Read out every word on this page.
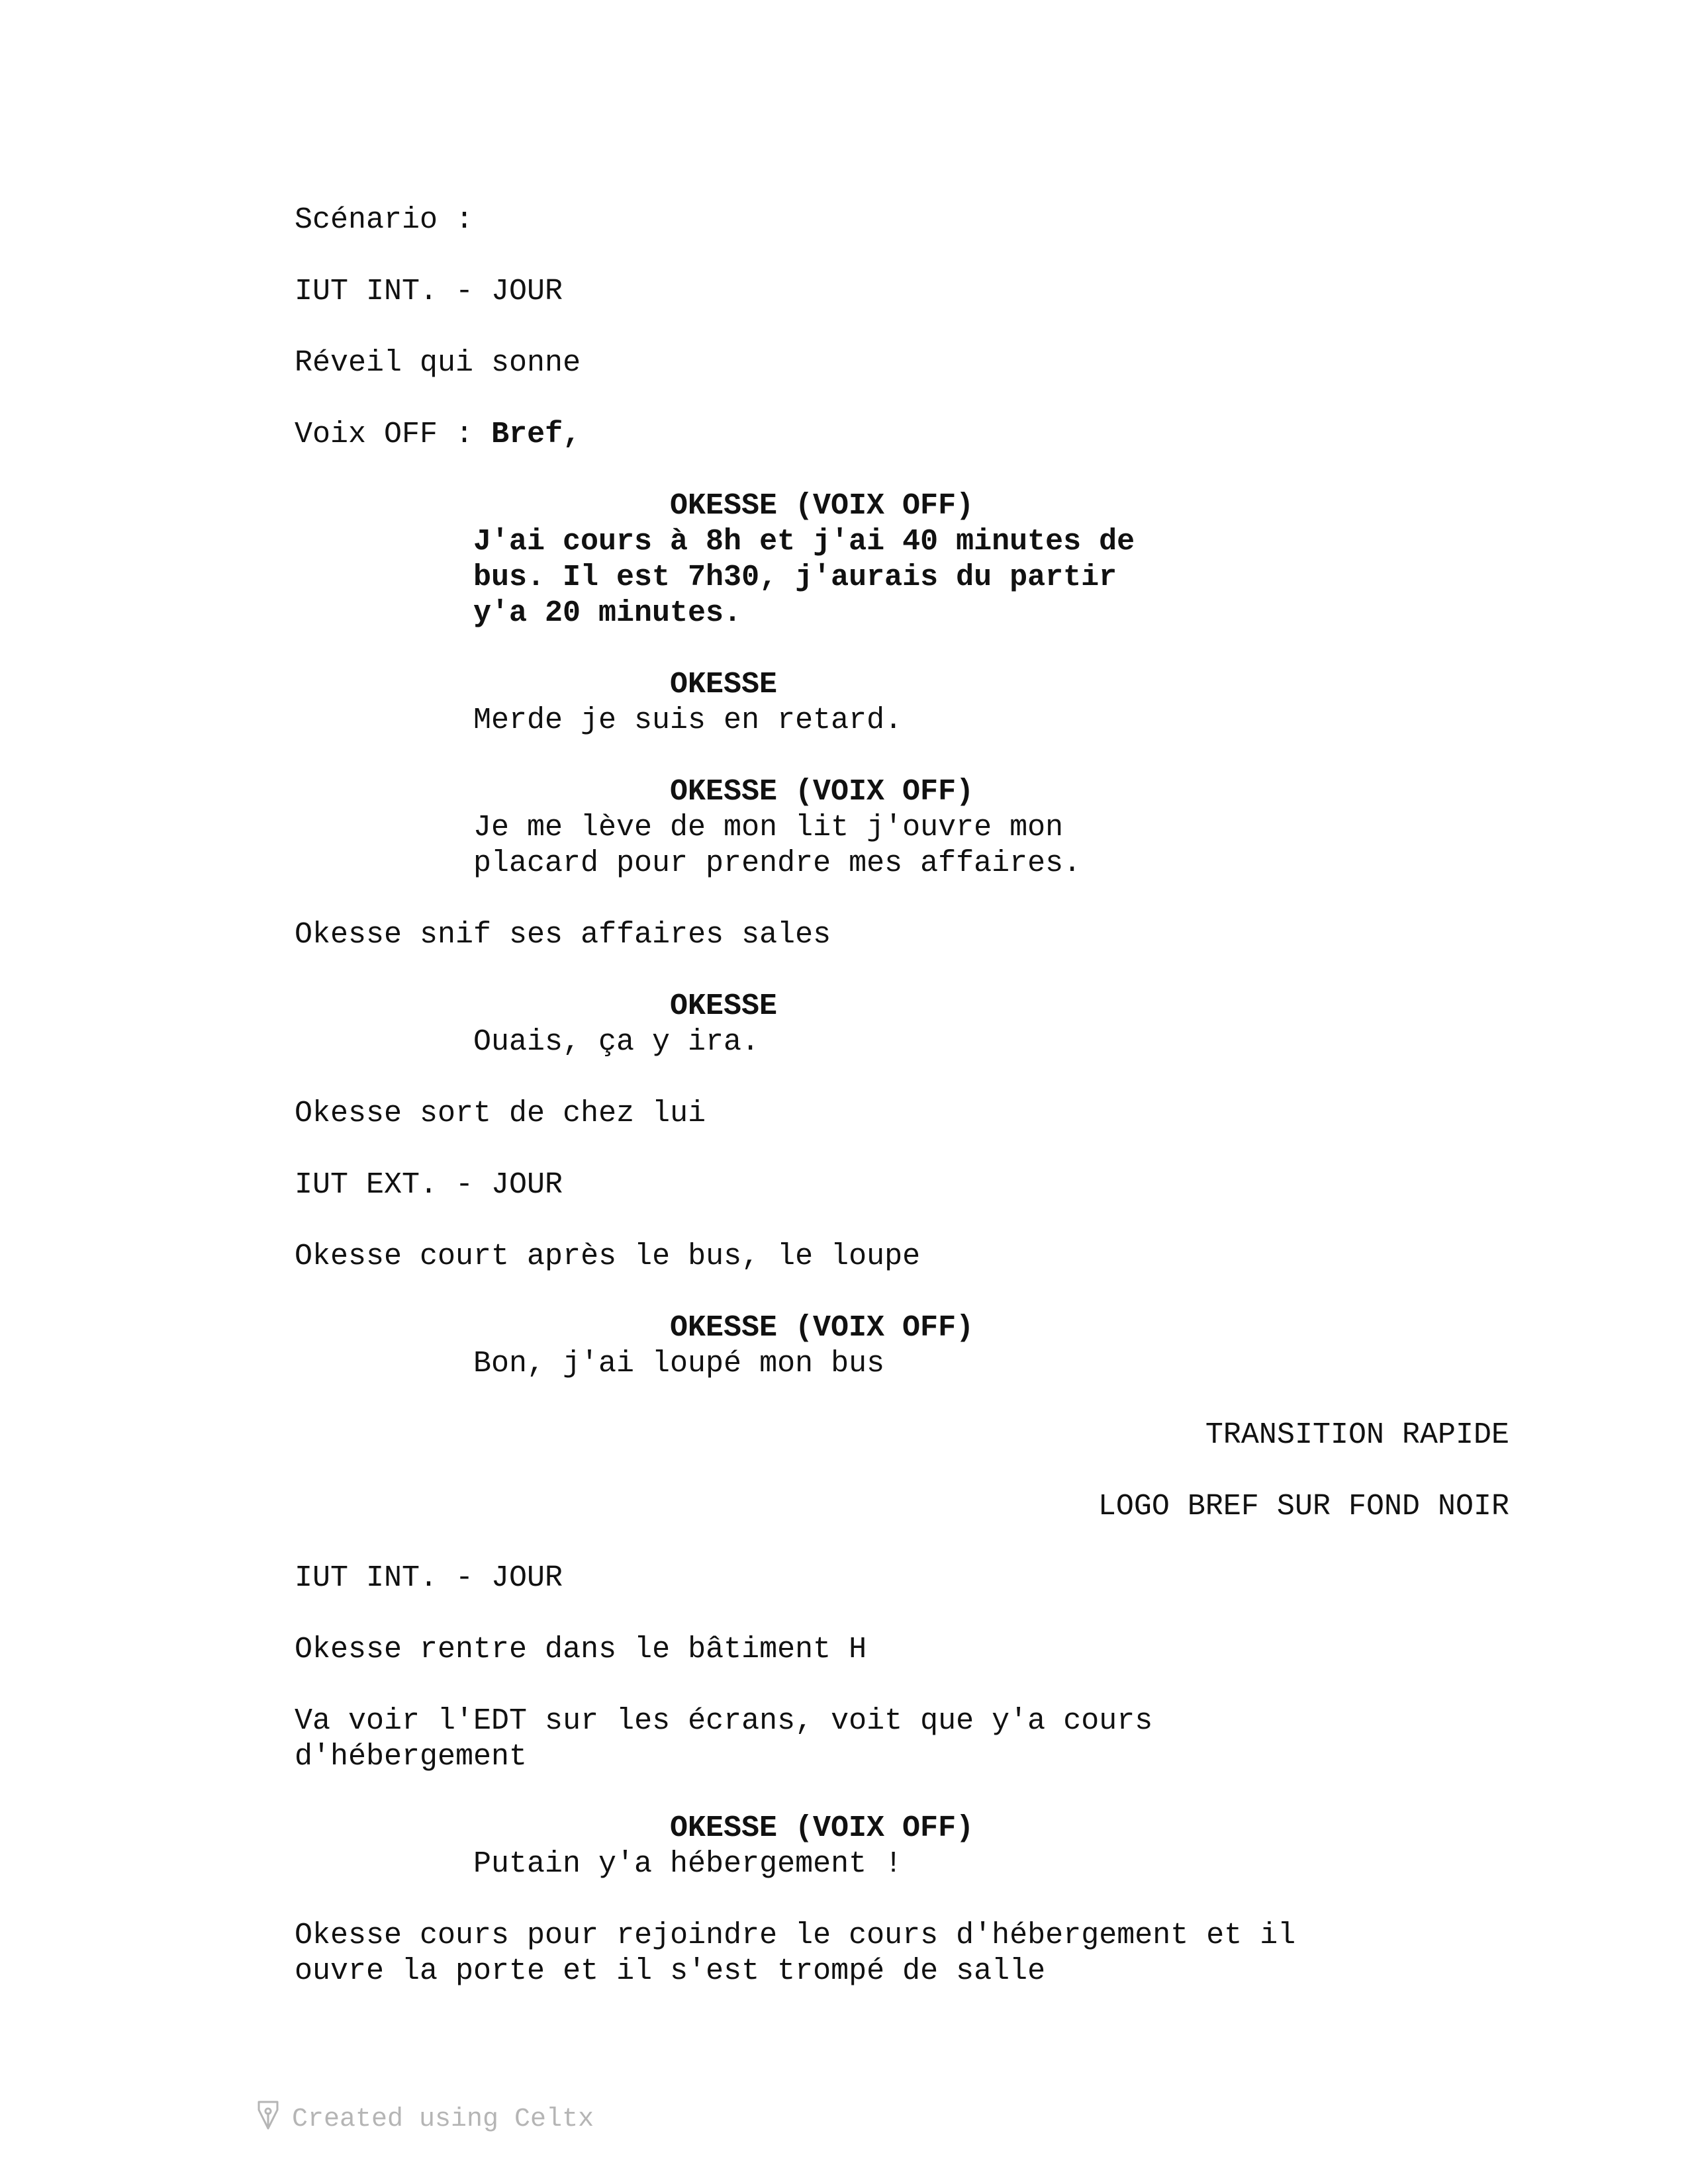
Scénario :

IUT INT. - JOUR

Réveil qui sonne

Voix OFF : Bref,

OKESSE (VOIX OFF)

J'ai cours à 8h et j'ai 40 minutes de

bus. Il est 7h30, j'aurais du partir

y'a 20 minutes.

OKESSE

Merde je suis en retard.

OKESSE (VOIX OFF)

Je me lève de mon lit j'ouvre mon

placard pour prendre mes affaires.

Okesse snif ses affaires sales

OKESSE

Ouais, ça y ira.

Okesse sort de chez lui

IUT EXT. - JOUR

Okesse court après le bus, le loupe

OKESSE (VOIX OFF)

Bon, j'ai loupé mon bus

TRANSITION RAPIDE

LOGO BREF SUR FOND NOIR

IUT INT. - JOUR

Okesse rentre dans le bâtiment H

Va voir l'EDT sur les écrans, voit que y'a cours

d'hébergement

OKESSE (VOIX OFF)

Putain y'a hébergement !

Okesse cours pour rejoindre le cours d'hébergement et il

ouvre la porte et il s'est trompé de salle

Created using Celtx
